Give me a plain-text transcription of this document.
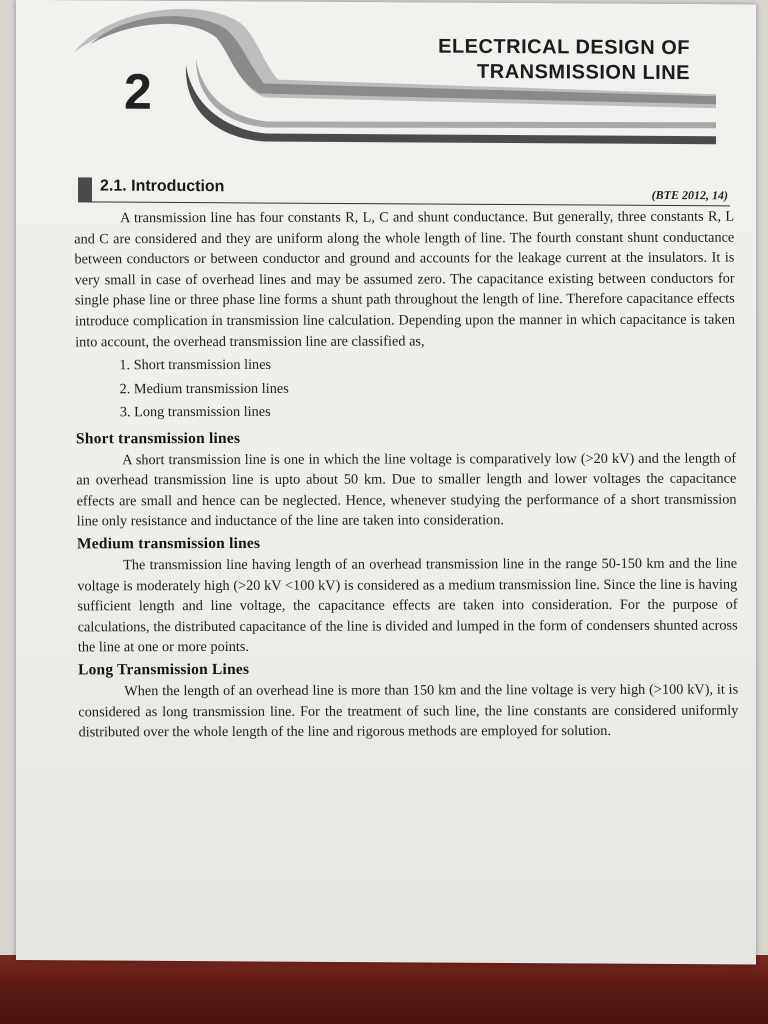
2
ELECTRICAL DESIGN OF
TRANSMISSION LINE
2.1. Introduction	(BTE 2012, 14)

A transmission line has four constants R, L, C and shunt conductance. But generally, three constants R, L and C are considered and they are uniform along the whole length of line. The fourth constant shunt conductance between conductors or between conductor and ground and accounts for the leakage current at the insulators. It is very small in case of overhead lines and may be assumed zero. The capacitance existing between conductors for single phase line or three phase line forms a shunt path throughout the length of line. Therefore capacitance effects introduce complication in transmission line calculation. Depending upon the manner in which capacitance is taken into account, the overhead transmission line are classified as,

1. Short transmission lines
2. Medium transmission lines
3. Long transmission lines
Short transmission lines

A short transmission line is one in which the line voltage is comparatively low (>20 kV) and the length of an overhead transmission line is upto about 50 km. Due to smaller length and lower voltages the capacitance effects are small and hence can be neglected. Hence, whenever studying the performance of a short transmission line only resistance and inductance of the line are taken into consideration.

Medium transmission lines

The transmission line having length of an overhead transmission line in the range 50-150 km and the line voltage is moderately high (>20 kV <100 kV) is considered as a medium transmission line. Since the line is having sufficient length and line voltage, the capacitance effects are taken into consideration. For the purpose of calculations, the distributed capacitance of the line is divided and lumped in the form of condensers shunted across the line at one or more points.

Long Transmission Lines

When the length of an overhead line is more than 150 km and the line voltage is very high (>100 kV), it is considered as long transmission line. For the treatment of such line, the line constants are considered uniformly distributed over the whole length of the line and rigorous methods are employed for solution.
